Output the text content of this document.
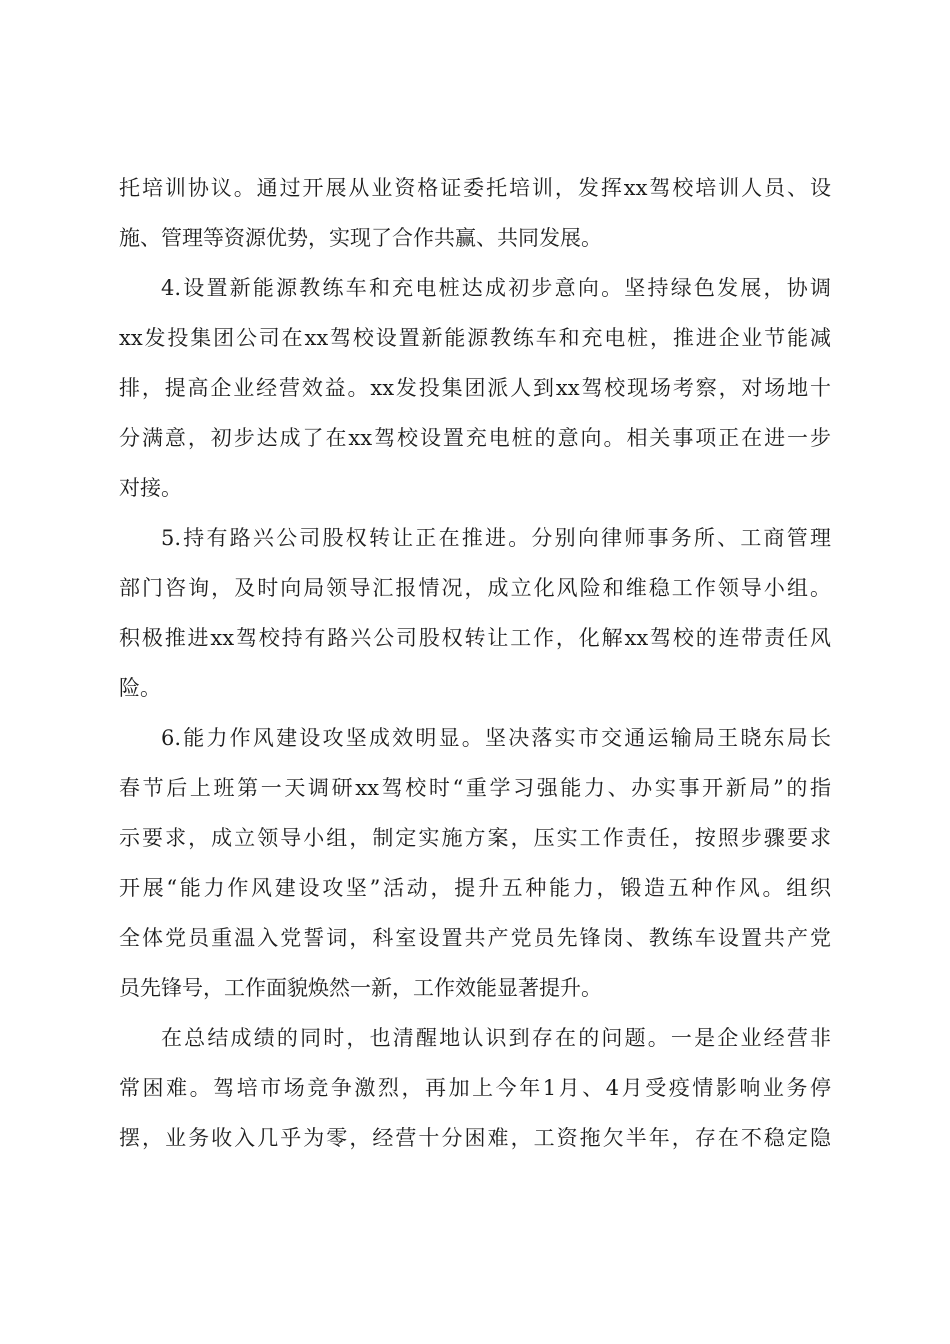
托培训协议。通过开展从业资格证委托培训，发挥xx驾校培训人员、设

施、管理等资源优势，实现了合作共赢、共同发展。

4.设置新能源教练车和充电桩达成初步意向。坚持绿色发展，协调

xx发投集团公司在xx驾校设置新能源教练车和充电桩，推进企业节能减

排，提高企业经营效益。xx发投集团派人到xx驾校现场考察，对场地十

分满意，初步达成了在xx驾校设置充电桩的意向。相关事项正在进一步

对接。

5.持有路兴公司股权转让正在推进。分别向律师事务所、工商管理

部门咨询，及时向局领导汇报情况，成立化风险和维稳工作领导小组。

积极推进xx驾校持有路兴公司股权转让工作，化解xx驾校的连带责任风

险。

6.能力作风建设攻坚成效明显。坚决落实市交通运输局王晓东局长

春节后上班第一天调研xx驾校时“重学习强能力、办实事开新局”的指

示要求，成立领导小组，制定实施方案，压实工作责任，按照步骤要求

开展“能力作风建设攻坚”活动，提升五种能力，锻造五种作风。组织

全体党员重温入党誓词，科室设置共产党员先锋岗、教练车设置共产党

员先锋号，工作面貌焕然一新，工作效能显著提升。

在总结成绩的同时，也清醒地认识到存在的问题。一是企业经营非

常困难。驾培市场竞争激烈，再加上今年1月、4月受疫情影响业务停

摆，业务收入几乎为零，经营十分困难，工资拖欠半年，存在不稳定隐
